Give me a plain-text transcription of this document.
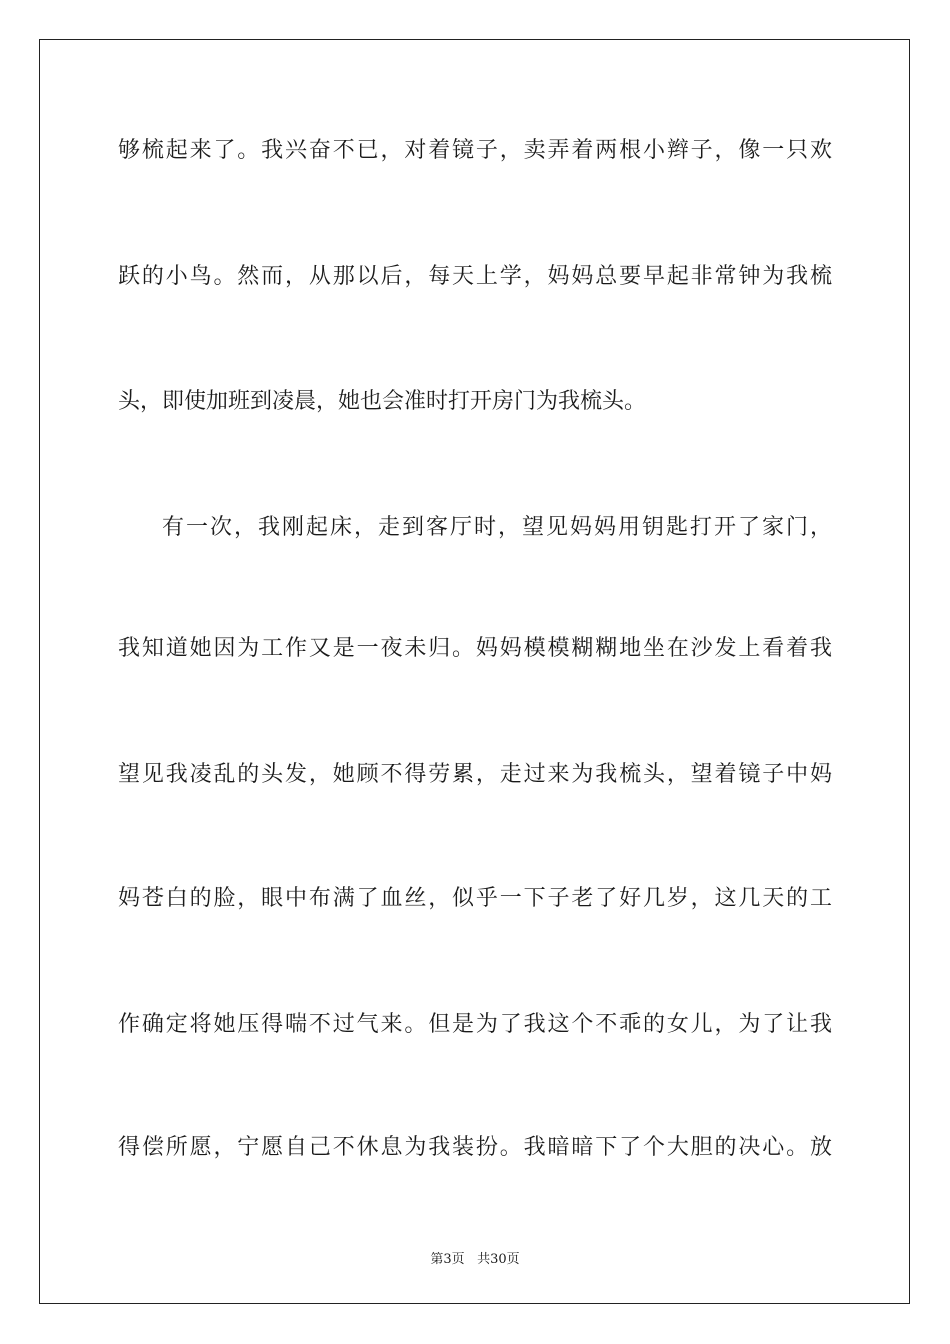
够梳起来了。我兴奋不已，对着镜子，卖弄着两根小辫子，像一只欢
跃的小鸟。然而，从那以后，每天上学，妈妈总要早起非常钟为我梳
头，即使加班到凌晨，她也会准时打开房门为我梳头。
有一次，我刚起床，走到客厅时，望见妈妈用钥匙打开了家门，
我知道她因为工作又是一夜未归。妈妈模模糊糊地坐在沙发上看着我
望见我凌乱的头发，她顾不得劳累，走过来为我梳头，望着镜子中妈
妈苍白的脸，眼中布满了血丝，似乎一下子老了好几岁，这几天的工
作确定将她压得喘不过气来。但是为了我这个不乖的女儿，为了让我
得偿所愿，宁愿自己不休息为我装扮。我暗暗下了个大胆的决心。放
第3页 共30页
